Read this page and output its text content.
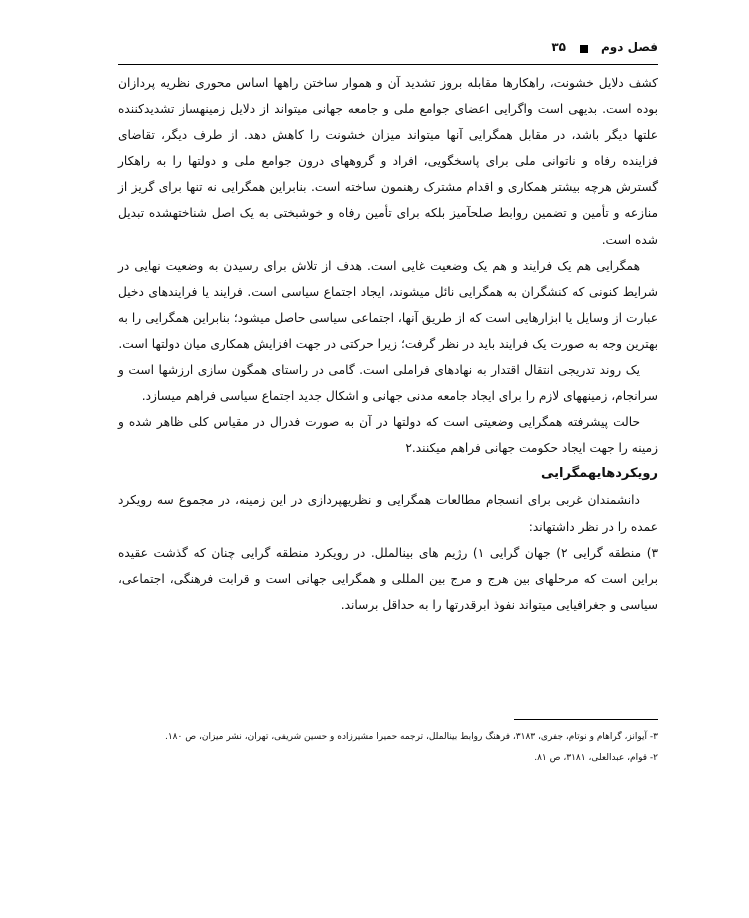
فصل دوم
۳۵

کشف دلایل خشونت، راهکارها مقابله بروز تشدید آن و هموار ساختن راهها اساس محوری نظریه پردازان بوده است. بدیهی است واگرایی اعضای جوامع ملی و جامعه جهانی میتواند از دلایل زمینهساز تشدیدکننده علتها دیگر باشد، در مقابل همگرایی آنها میتواند میزان خشونت را کاهش دهد. از طرف دیگر، تقاضای فزاینده رفاه و ناتوانی ملی برای پاسخگویی، افراد و گروههای درون جوامع ملی و دولتها را به راهکار گسترش هرچه بیشتر همکاری و اقدام مشترک رهنمون ساخته است. بنابراین همگرایی نه تنها برای گریز از منازعه و تأمین و تضمین روابط صلحآمیز بلکه برای تأمین رفاه و خوشبختی به یک اصل شناختهشده تبدیل شده است.

همگرایی هم یک فرایند و هم یک وضعیت غایی است. هدف از تلاش برای رسیدن به وضعیت نهایی در شرایط کنونی که کنشگران به همگرایی نائل میشوند، ایجاد اجتماع سیاسی است. فرایند یا فرایندهای دخیل عبارت از وسایل یا ابزارهایی است که از طریق آنها، اجتماعی سیاسی حاصل میشود؛ بنابراین همگرایی را به بهترین وجه به صورت یک فرایند باید در نظر گرفت؛ زیرا حرکتی در جهت افزایش همکاری میان دولتها است.

یک روند تدریجی انتقال اقتدار به نهادهای فراملی است. گامی در راستای همگون سازی ارزشها است و سرانجام، زمینههای لازم را برای ایجاد جامعه مدنی جهانی و اشکال جدید اجتماع سیاسی فراهم میسازد.

حالت پیشرفته همگرایی وضعیتی است که دولتها در آن به صورت فدرال در مقیاس کلی ظاهر شده و زمینه را جهت ایجاد حکومت جهانی فراهم میکنند.۲

رویکردهایهمگرایی

دانشمندان غربی برای انسجام مطالعات همگرایی و نظریهپردازی در این زمینه، در مجموع سه رویکرد عمده را در نظر داشتهاند:

۳) منطقه گرایی ۲) جهان گرایی ۱) رژیم های بینالملل. در رویکرد منطقه گرایی چنان که گذشت عقیده براین است که مرحلهای بین هرج و مرج بین المللی و همگرایی جهانی است و قرابت فرهنگی، اجتماعی، سیاسی و جغرافیایی میتواند نفوذ ابرقدرتها را به حداقل برساند.

۳- آیوانز، گراهام و نوتام، جفری، ۳۱۸۳، فرهنگ روابط بینالملل، ترجمه حمیرا مشیرزاده و حسین شریفی، تهران، نشر میزان، ص ۱۸۰.

۲- قوام، عبدالعلی، ۳۱۸۱، ص ۸۱.
